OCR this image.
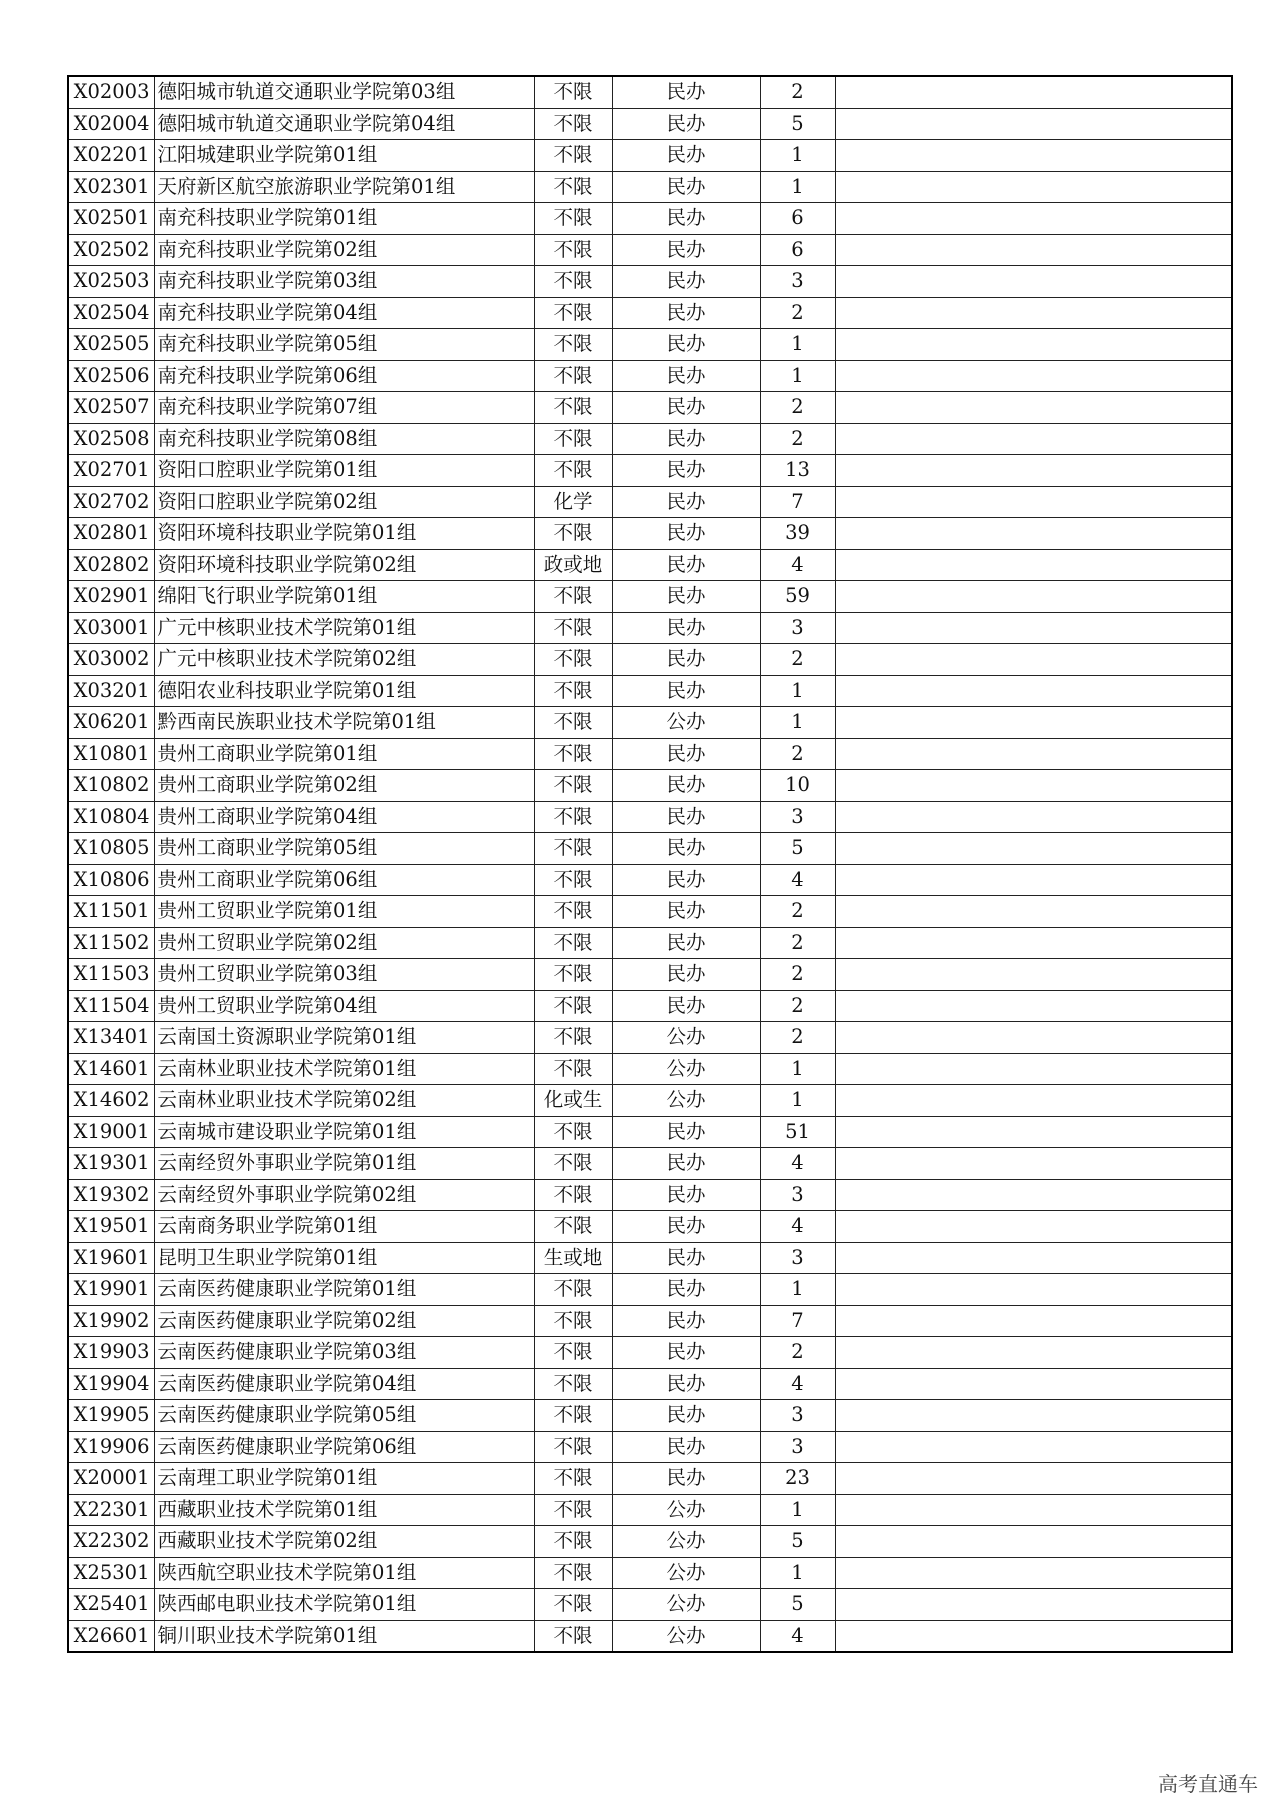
X02003	德阳城市轨道交通职业学院第03组	不限	民办	2	
X02004	德阳城市轨道交通职业学院第04组	不限	民办	5	
X02201	江阳城建职业学院第01组	不限	民办	1	
X02301	天府新区航空旅游职业学院第01组	不限	民办	1	
X02501	南充科技职业学院第01组	不限	民办	6	
X02502	南充科技职业学院第02组	不限	民办	6	
X02503	南充科技职业学院第03组	不限	民办	3	
X02504	南充科技职业学院第04组	不限	民办	2	
X02505	南充科技职业学院第05组	不限	民办	1	
X02506	南充科技职业学院第06组	不限	民办	1	
X02507	南充科技职业学院第07组	不限	民办	2	
X02508	南充科技职业学院第08组	不限	民办	2	
X02701	资阳口腔职业学院第01组	不限	民办	13	
X02702	资阳口腔职业学院第02组	化学	民办	7	
X02801	资阳环境科技职业学院第01组	不限	民办	39	
X02802	资阳环境科技职业学院第02组	政或地	民办	4	
X02901	绵阳飞行职业学院第01组	不限	民办	59	
X03001	广元中核职业技术学院第01组	不限	民办	3	
X03002	广元中核职业技术学院第02组	不限	民办	2	
X03201	德阳农业科技职业学院第01组	不限	民办	1	
X06201	黔西南民族职业技术学院第01组	不限	公办	1	
X10801	贵州工商职业学院第01组	不限	民办	2	
X10802	贵州工商职业学院第02组	不限	民办	10	
X10804	贵州工商职业学院第04组	不限	民办	3	
X10805	贵州工商职业学院第05组	不限	民办	5	
X10806	贵州工商职业学院第06组	不限	民办	4	
X11501	贵州工贸职业学院第01组	不限	民办	2	
X11502	贵州工贸职业学院第02组	不限	民办	2	
X11503	贵州工贸职业学院第03组	不限	民办	2	
X11504	贵州工贸职业学院第04组	不限	民办	2	
X13401	云南国土资源职业学院第01组	不限	公办	2	
X14601	云南林业职业技术学院第01组	不限	公办	1	
X14602	云南林业职业技术学院第02组	化或生	公办	1	
X19001	云南城市建设职业学院第01组	不限	民办	51	
X19301	云南经贸外事职业学院第01组	不限	民办	4	
X19302	云南经贸外事职业学院第02组	不限	民办	3	
X19501	云南商务职业学院第01组	不限	民办	4	
X19601	昆明卫生职业学院第01组	生或地	民办	3	
X19901	云南医药健康职业学院第01组	不限	民办	1	
X19902	云南医药健康职业学院第02组	不限	民办	7	
X19903	云南医药健康职业学院第03组	不限	民办	2	
X19904	云南医药健康职业学院第04组	不限	民办	4	
X19905	云南医药健康职业学院第05组	不限	民办	3	
X19906	云南医药健康职业学院第06组	不限	民办	3	
X20001	云南理工职业学院第01组	不限	民办	23	
X22301	西藏职业技术学院第01组	不限	公办	1	
X22302	西藏职业技术学院第02组	不限	公办	5	
X25301	陕西航空职业技术学院第01组	不限	公办	1	
X25401	陕西邮电职业技术学院第01组	不限	公办	5	
X26601	铜川职业技术学院第01组	不限	公办	4	
高考直通车
